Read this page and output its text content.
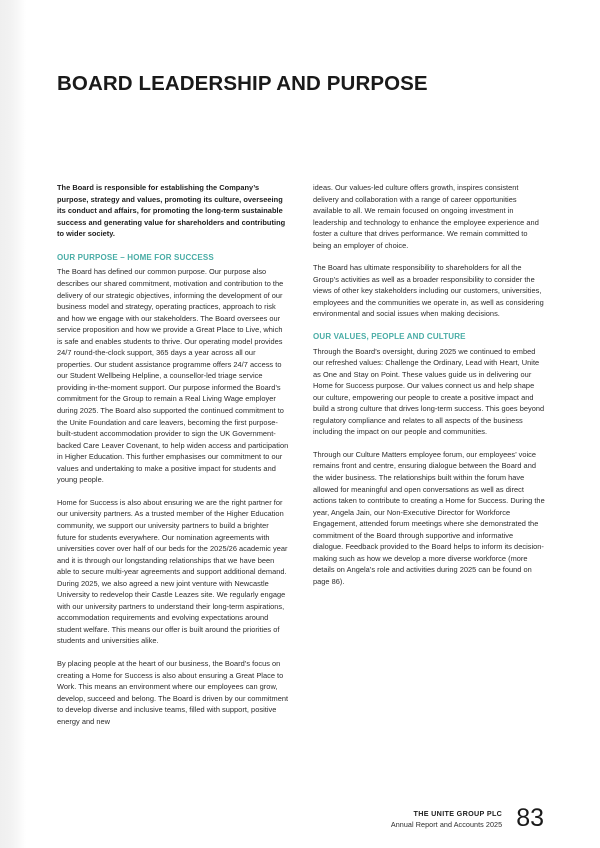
BOARD LEADERSHIP AND PURPOSE

The Board is responsible for establishing the Company’s purpose, strategy and values, promoting its culture, overseeing its conduct and affairs, for promoting the long-term sustainable success and generating value for shareholders and contributing to wider society.

OUR PURPOSE – HOME FOR SUCCESS

The Board has defined our common purpose. Our purpose also describes our shared commitment, motivation and contribution to the delivery of our strategic objectives, informing the development of our business model and strategy, operating practices, approach to risk and how we engage with our stakeholders. The Board oversees our service proposition and how we provide a Great Place to Live, which is safe and enables students to thrive. Our operating model provides 24/7 round-the-clock support, 365 days a year across all our properties. Our student assistance programme offers 24/7 access to our Student Wellbeing Helpline, a counsellor-led triage service providing in-the-moment support. Our purpose informed the Board’s commitment for the Group to remain a Real Living Wage employer during 2025. The Board also supported the continued commitment to the Unite Foundation and care leavers, becoming the first purpose-built-student accommodation provider to sign the UK Government-backed Care Leaver Covenant, to help widen access and participation in Higher Education. This further emphasises our commitment to our values and undertaking to make a positive impact for students and young people.

Home for Success is also about ensuring we are the right partner for our university partners. As a trusted member of the Higher Education community, we support our university partners to build a brighter future for students everywhere. Our nomination agreements with universities cover over half of our beds for the 2025/26 academic year and it is through our longstanding relationships that we have been able to secure multi-year agreements and support additional demand. During 2025, we also agreed a new joint venture with Newcastle University to redevelop their Castle Leazes site. We regularly engage with our university partners to understand their long-term aspirations, accommodation requirements and evolving expectations around student welfare. This means our offer is built around the priorities of students and universities alike.

By placing people at the heart of our business, the Board’s focus on creating a Home for Success is also about ensuring a Great Place to Work. This means an environment where our employees can grow, develop, succeed and belong. The Board is driven by our commitment to develop diverse and inclusive teams, filled with support, positive energy and new

ideas. Our values-led culture offers growth, inspires consistent delivery and collaboration with a range of career opportunities available to all. We remain focused on ongoing investment in leadership and technology to enhance the employee experience and foster a culture that drives performance. We remain committed to being an employer of choice.

The Board has ultimate responsibility to shareholders for all the Group’s activities as well as a broader responsibility to consider the views of other key stakeholders including our customers, universities, employees and the communities we operate in, as well as considering environmental and social issues when making decisions.

OUR VALUES, PEOPLE AND CULTURE

Through the Board’s oversight, during 2025 we continued to embed our refreshed values: Challenge the Ordinary, Lead with Heart, Unite as One and Stay on Point. These values guide us in delivering our Home for Success purpose. Our values connect us and help shape our culture, empowering our people to create a positive impact and build a strong culture that drives long-term success. This goes beyond regulatory compliance and relates to all aspects of the business including the impact on our people and communities.

Through our Culture Matters employee forum, our employees’ voice remains front and centre, ensuring dialogue between the Board and the wider business. The relationships built within the forum have allowed for meaningful and open conversations as well as direct actions taken to contribute to creating a Home for Success. During the year, Angela Jain, our Non-Executive Director for Workforce Engagement, attended forum meetings where she demonstrated the commitment of the Board through supportive and informative dialogue. Feedback provided to the Board helps to inform its decision-making such as how we develop a more diverse workforce (more details on Angela’s role and activities during 2025 can be found on page 86).

THE UNITE GROUP PLC
Annual Report and Accounts 2025 83
